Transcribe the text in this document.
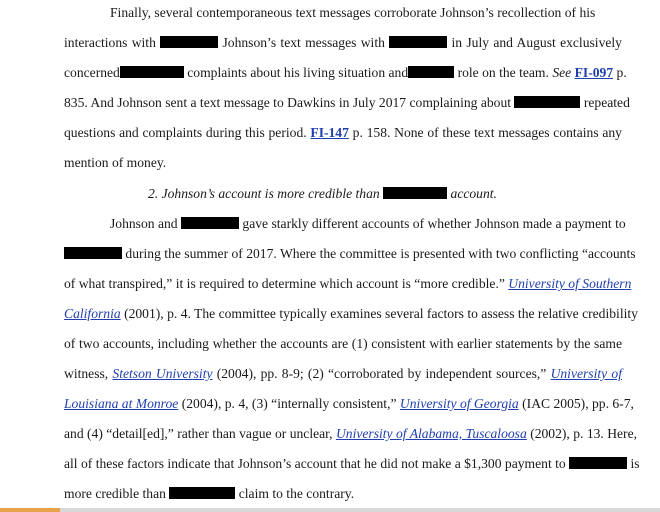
Finally, several contemporaneous text messages corroborate Johnson’s recollection of his
interactions with	Johnson’s text messages with	in July and August exclusively
concerned	complaints about his living situation and	role on the team. See FI-097 p.
835. And Johnson sent a text message to Dawkins in July 2017 complaining about	repeated
questions and complaints during this period. FI-147 p. 158. None of these text messages contains any
mention of money.
2. Johnson’s account is more credible than	account.
Johnson and	gave starkly different accounts of whether Johnson made a payment to
during the summer of 2017. Where the committee is presented with two conflicting “accounts
of what transpired,” it is required to determine which account is “more credible.” University of Southern
California (2001), p. 4. The committee typically examines several factors to assess the relative credibility
of two accounts, including whether the accounts are (1) consistent with earlier statements by the same
witness, Stetson University (2004), pp. 8-9; (2) “corroborated by independent sources,” University of
Louisiana at Monroe (2004), p. 4, (3) “internally consistent,” University of Georgia (IAC 2005), pp. 6-7,
and (4) “detail[ed],” rather than vague or unclear, University of Alabama, Tuscaloosa (2002), p. 13. Here,
all of these factors indicate that Johnson’s account that he did not make a $1,300 payment to	is
more credible than	claim to the contrary.
